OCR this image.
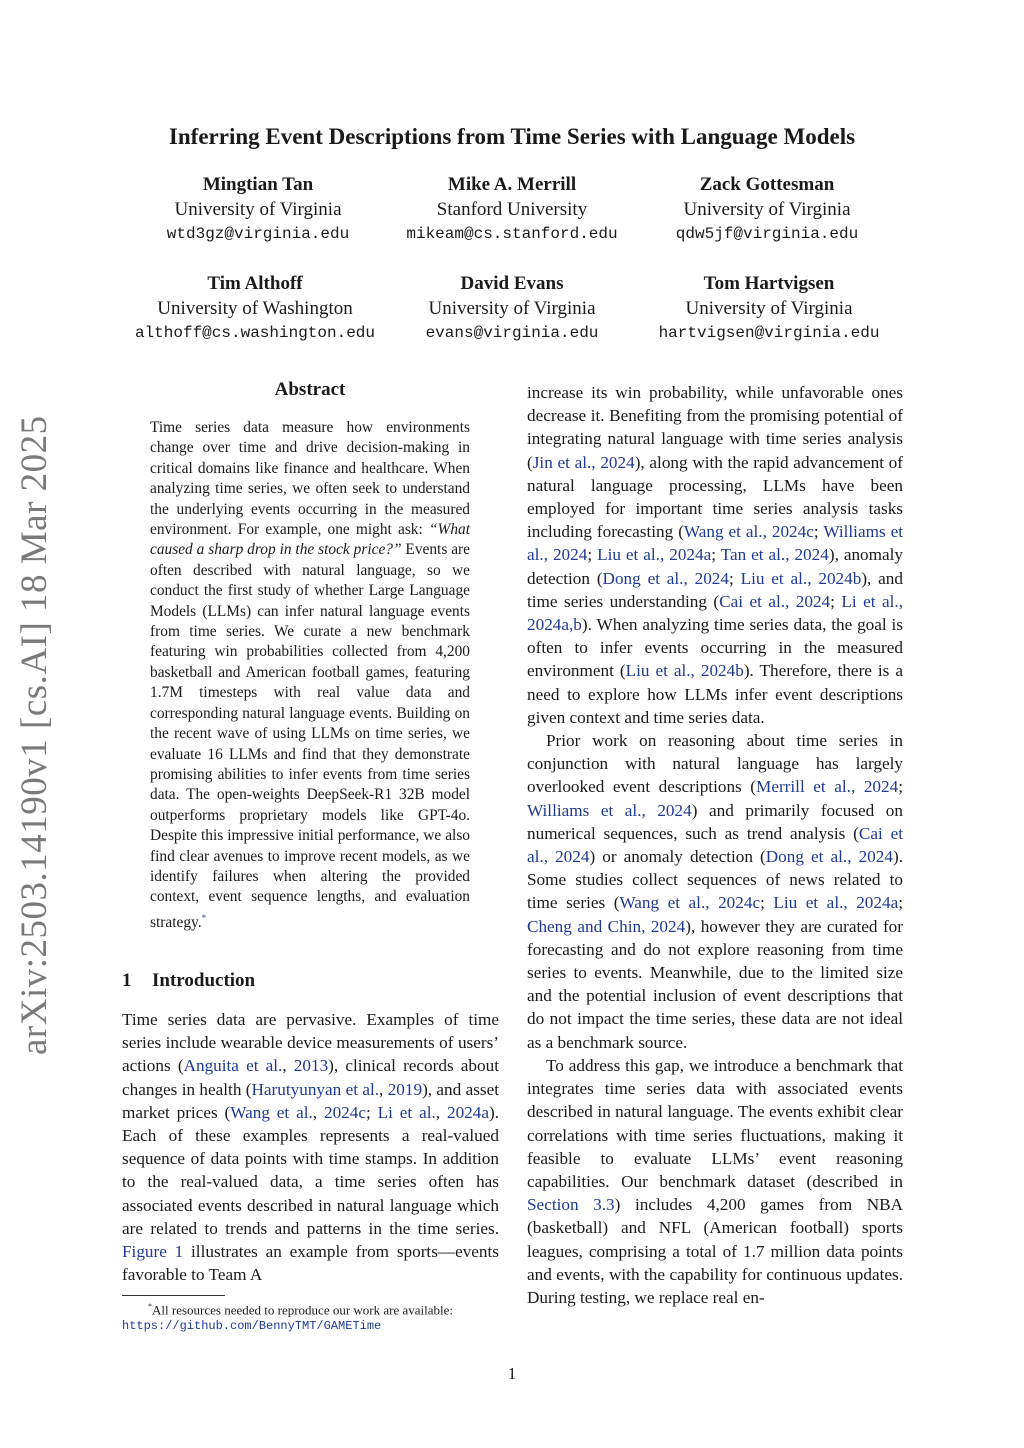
arXiv:2503.14190v1 [cs.AI] 18 Mar 2025
Inferring Event Descriptions from Time Series with Language Models
Mingtian Tan
University of Virginia
wtd3gz@virginia.edu
Mike A. Merrill
Stanford University
mikeam@cs.stanford.edu
Zack Gottesman
University of Virginia
qdw5jf@virginia.edu
Tim Althoff
University of Washington
althoff@cs.washington.edu
David Evans
University of Virginia
evans@virginia.edu
Tom Hartvigsen
University of Virginia
hartvigsen@virginia.edu
Abstract

Time series data measure how environments change over time and drive decision-making in critical domains like finance and healthcare. When analyzing time series, we often seek to understand the underlying events occurring in the measured environment. For example, one might ask: “What caused a sharp drop in the stock price?” Events are often described with natural language, so we conduct the first study of whether Large Language Models (LLMs) can infer natural language events from time series. We curate a new benchmark featuring win probabilities collected from 4,200 basketball and American football games, featuring 1.7M timesteps with real value data and corresponding natural language events. Building on the recent wave of using LLMs on time series, we evaluate 16 LLMs and find that they demonstrate promising abilities to infer events from time series data. The open-weights DeepSeek-R1 32B model outperforms proprietary models like GPT-4o. Despite this impressive initial performance, we also find clear avenues to improve recent models, as we identify failures when altering the provided context, event sequence lengths, and evaluation strategy.*

1 Introduction

Time series data are pervasive. Examples of time series include wearable device measurements of users’ actions (Anguita et al., 2013), clinical records about changes in health (Harutyunyan et al., 2019), and asset market prices (Wang et al., 2024c; Li et al., 2024a). Each of these examples represents a real-valued sequence of data points with time stamps. In addition to the real-valued data, a time series often has associated events described in natural language which are related to trends and patterns in the time series. Figure 1 illustrates an example from sports—events favorable to Team A

*All resources needed to reproduce our work are available:
https://github.com/BennyTMT/GAMETime

increase its win probability, while unfavorable ones decrease it. Benefiting from the promising potential of integrating natural language with time series analysis (Jin et al., 2024), along with the rapid advancement of natural language processing, LLMs have been employed for important time series analysis tasks including forecasting (Wang et al., 2024c; Williams et al., 2024; Liu et al., 2024a; Tan et al., 2024), anomaly detection (Dong et al., 2024; Liu et al., 2024b), and time series understanding (Cai et al., 2024; Li et al., 2024a,b). When analyzing time series data, the goal is often to infer events occurring in the measured environment (Liu et al., 2024b). Therefore, there is a need to explore how LLMs infer event descriptions given context and time series data.

Prior work on reasoning about time series in conjunction with natural language has largely overlooked event descriptions (Merrill et al., 2024; Williams et al., 2024) and primarily focused on numerical sequences, such as trend analysis (Cai et al., 2024) or anomaly detection (Dong et al., 2024). Some studies collect sequences of news related to time series (Wang et al., 2024c; Liu et al., 2024a; Cheng and Chin, 2024), however they are curated for forecasting and do not explore reasoning from time series to events. Meanwhile, due to the limited size and the potential inclusion of event descriptions that do not impact the time series, these data are not ideal as a benchmark source.

To address this gap, we introduce a benchmark that integrates time series data with associated events described in natural language. The events exhibit clear correlations with time series fluctuations, making it feasible to evaluate LLMs’ event reasoning capabilities. Our benchmark dataset (described in Section 3.3) includes 4,200 games from NBA (basketball) and NFL (American football) sports leagues, comprising a total of 1.7 million data points and events, with the capability for continuous updates. During testing, we replace real en-

1
